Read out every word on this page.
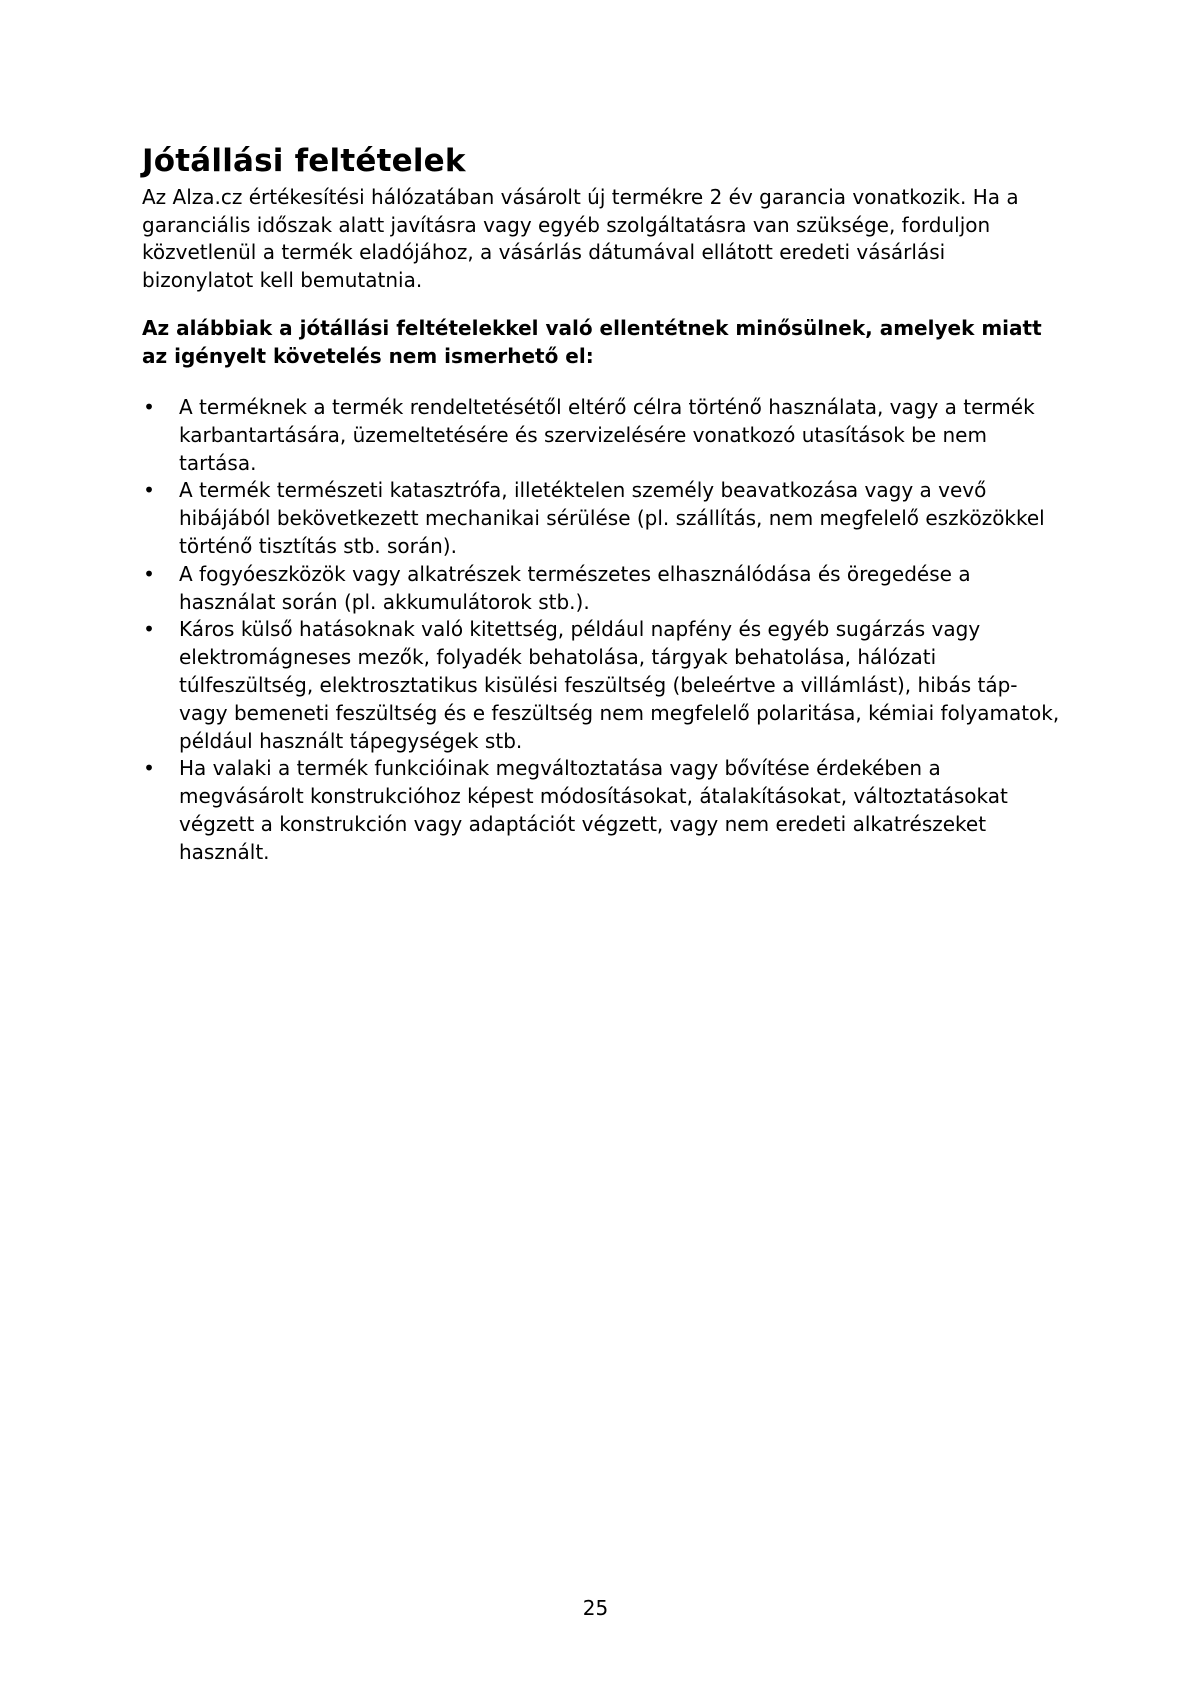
Jótállási feltételek

Az Alza.cz értékesítési hálózatában vásárolt új termékre 2 év garancia vonatkozik. Ha a garanciális időszak alatt javításra vagy egyéb szolgáltatásra van szüksége, forduljon közvetlenül a termék eladójához, a vásárlás dátumával ellátott eredeti vásárlási bizonylatot kell bemutatnia.

Az alábbiak a jótállási feltételekkel való ellentétnek minősülnek, amelyek miatt az igényelt követelés nem ismerhető el:

• A terméknek a termék rendeltetésétől eltérő célra történő használata, vagy a termék karbantartására, üzemeltetésére és szervizelésére vonatkozó utasítások be nem tartása.
• A termék természeti katasztrófa, illetéktelen személy beavatkozása vagy a vevő hibájából bekövetkezett mechanikai sérülése (pl. szállítás, nem megfelelő eszközökkel történő tisztítás stb. során).
• A fogyóeszközök vagy alkatrészek természetes elhasználódása és öregedése a használat során (pl. akkumulátorok stb.).
• Káros külső hatásoknak való kitettség, például napfény és egyéb sugárzás vagy elektromágneses mezők, folyadék behatolása, tárgyak behatolása, hálózati túlfeszültség, elektrosztatikus kisülési feszültség (beleértve a villámlást), hibás táp- vagy bemeneti feszültség és e feszültség nem megfelelő polaritása, kémiai folyamatok, például használt tápegységek stb.
• Ha valaki a termék funkcióinak megváltoztatása vagy bővítése érdekében a megvásárolt konstrukcióhoz képest módosításokat, átalakításokat, változtatásokat végzett a konstrukción vagy adaptációt végzett, vagy nem eredeti alkatrészeket használt.
25
